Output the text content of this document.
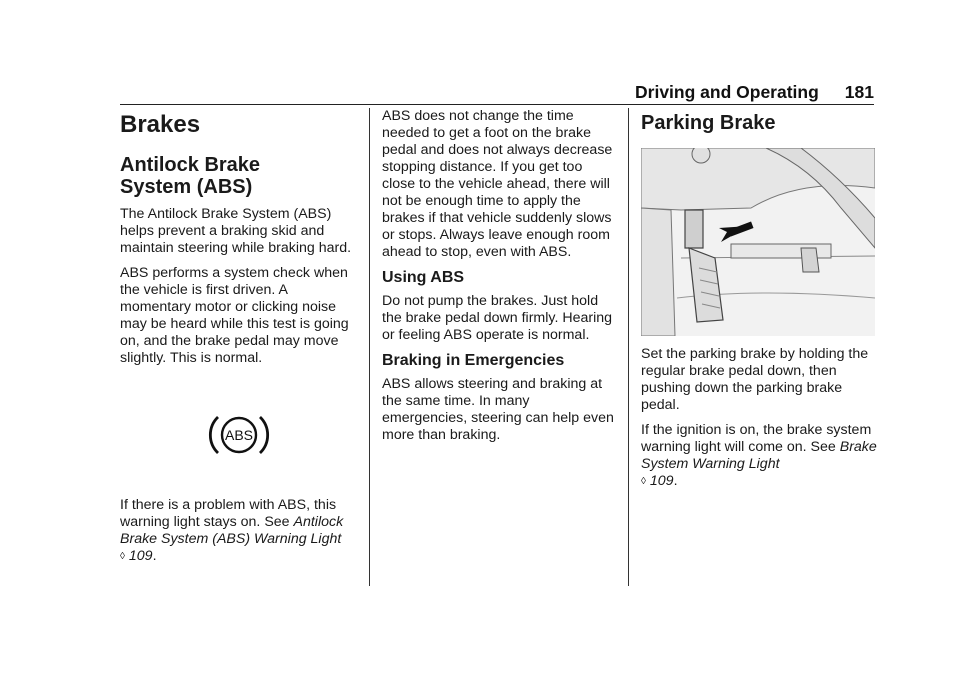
Driving and Operating 181
Brakes
Antilock Brake
System (ABS)

The Antilock Brake System (ABS) helps prevent a braking skid and maintain steering while braking hard.

ABS performs a system check when the vehicle is first driven. A momentary motor or clicking noise may be heard while this test is going on, and the brake pedal may move slightly. This is normal.

ABS

If there is a problem with ABS, this warning light stays on. See Antilock Brake System (ABS) Warning Light
◊ 109.

ABS does not change the time needed to get a foot on the brake pedal and does not always decrease stopping distance. If you get too close to the vehicle ahead, there will not be enough time to apply the brakes if that vehicle suddenly slows or stops. Always leave enough room ahead to stop, even with ABS.

Using ABS

Do not pump the brakes. Just hold the brake pedal down firmly. Hearing or feeling ABS operate is normal.

Braking in Emergencies

ABS allows steering and braking at the same time. In many emergencies, steering can help even more than braking.

Parking Brake

Set the parking brake by holding the regular brake pedal down, then pushing down the parking brake pedal.

If the ignition is on, the brake system warning light will come on. See Brake System Warning Light
◊ 109.
